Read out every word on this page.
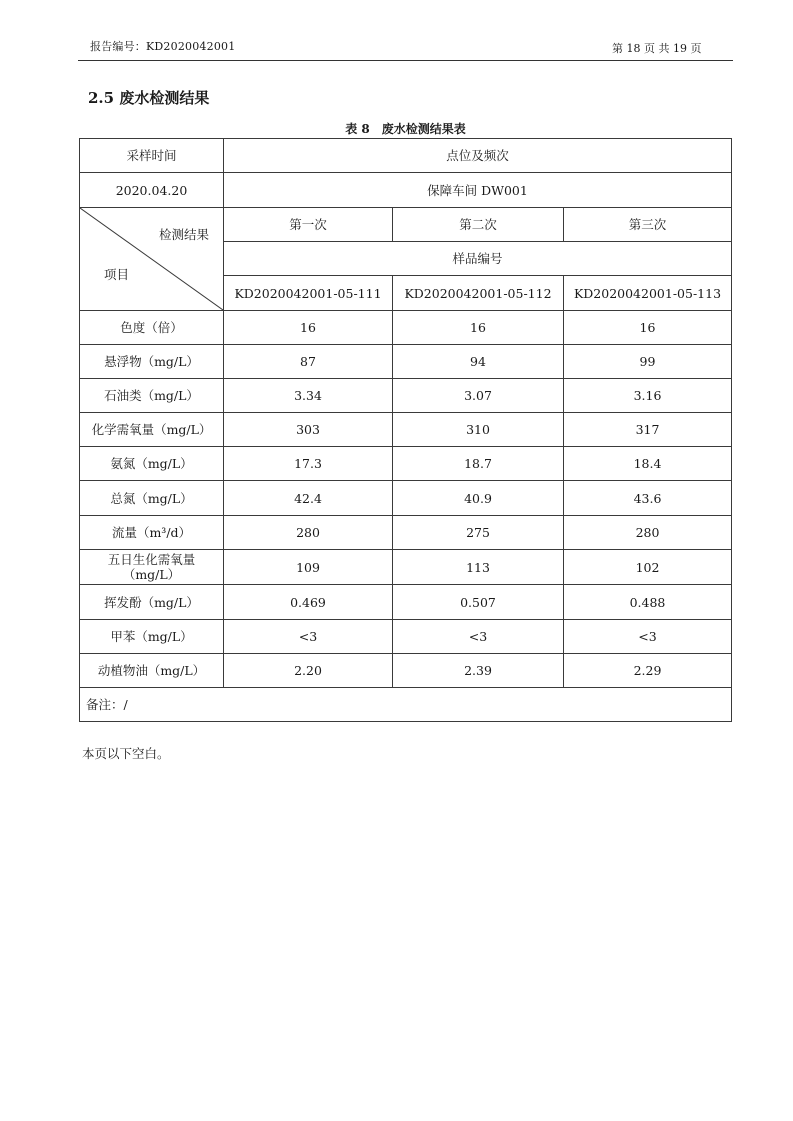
报告编号：KD2020042001	第 18 页 共 19 页
2.5 废水检测结果
表 8　废水检测结果表
采样时间	点位及频次		
2020.04.20	保障车间 DW001		

检测结果
项目	第一次	第二次	第三次
	样品编号		
	KD2020042001-05-111	KD2020042001-05-112	KD2020042001-05-113
色度（倍）	16	16	16
悬浮物（mg/L）	87	94	99
石油类（mg/L）	3.34	3.07	3.16
化学需氧量（mg/L）	303	310	317
氨氮（mg/L）	17.3	18.7	18.4
总氮（mg/L）	42.4	40.9	43.6
流量（m³/d）	280	275	280
五日生化需氧量（mg/L）	109	113	102
挥发酚（mg/L）	0.469	0.507	0.488
甲苯（mg/L）	<3	<3	<3
动植物油（mg/L）	2.20	2.39	2.29
备注：/			
本页以下空白。
